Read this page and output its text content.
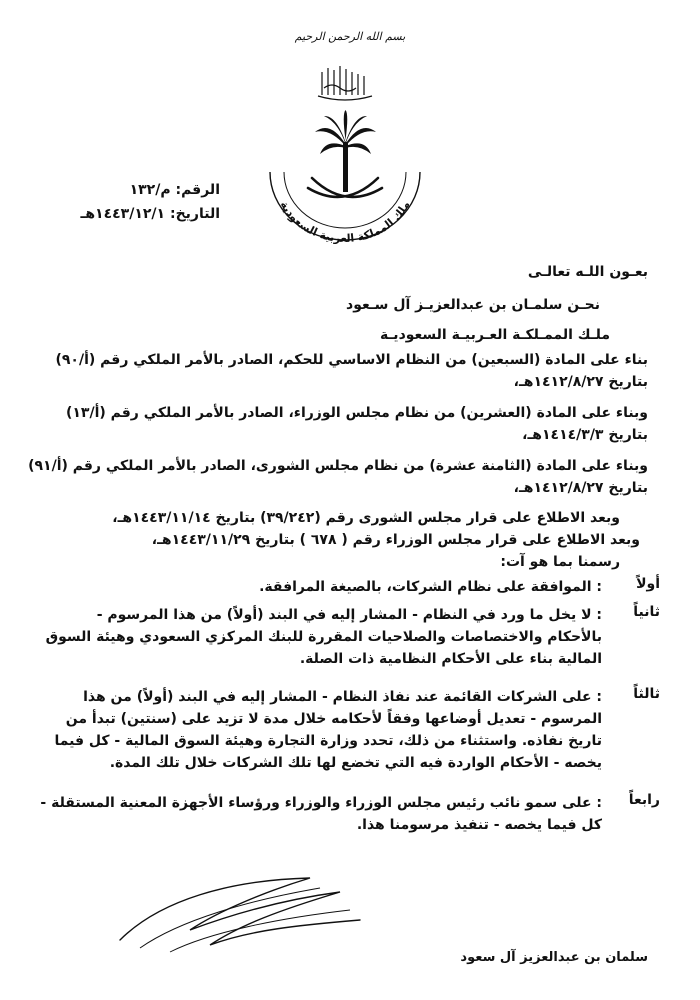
بسم الله الرحمن الرحيم
ملك المملكة العربية السعودية
الرقم: م/١٣٢
التاريخ: ١٤٤٣/١٢/١هـ
بعـون اللـه تعالـى
نحـن سلمـان بن عبدالعزيـز آل سـعود
ملـك الممـلكـة العـربيـة السعوديـة
بناء على المادة (السبعين) من النظام الاساسي للحكم، الصادر بالأمر الملكي رقم (أ/٩٠)
بتاريخ ١٤١٢/٨/٢٧هـ،
وبناء على المادة (العشرين) من نظام مجلس الوزراء، الصادر بالأمر الملكي رقم (أ/١٣)
بتاريخ ١٤١٤/٣/٣هـ،
وبناء على المادة (الثامنة عشرة) من نظام مجلس الشورى، الصادر بالأمر الملكي رقم (أ/٩١)
بتاريخ ١٤١٢/٨/٢٧هـ،
وبعد الاطلاع على قرار مجلس الشورى رقم (٣٩/٢٤٢) بتاريخ ١٤٤٣/١١/١٤هـ،
وبعد الاطلاع على قرار مجلس الوزراء رقم ( ٦٧٨ ) بتاريخ ١٤٤٣/١١/٢٩هـ،
رسمنا بما هو آت:
أولاً
: الموافقة على نظام الشركات، بالصيغة المرافقة.
ثانياً
: لا يخل ما ورد في النظام - المشار إليه في البند (أولاً) من هذا المرسوم - بالأحكام والاختصاصات والصلاحيات المقررة للبنك المركزي السعودي وهيئة السوق المالية بناء على الأحكام النظامية ذات الصلة.
ثالثاً
: على الشركات القائمة عند نفاذ النظام - المشار إليه في البند (أولاً) من هذا المرسوم - تعديل أوضاعها وفقاً لأحكامه خلال مدة لا تزيد على (سنتين) تبدأ من تاريخ نفاذه. واستثناء من ذلك، تحدد وزارة التجارة وهيئة السوق المالية - كل فيما يخصه - الأحكام الواردة فيه التي تخضع لها تلك الشركات خلال تلك المدة.
رابعاً
: على سمو نائب رئيس مجلس الوزراء والوزراء ورؤساء الأجهزة المعنية المستقلة - كل فيما يخصه - تنفيذ مرسومنا هذا.
سلمان بن عبدالعزيز آل سعود
